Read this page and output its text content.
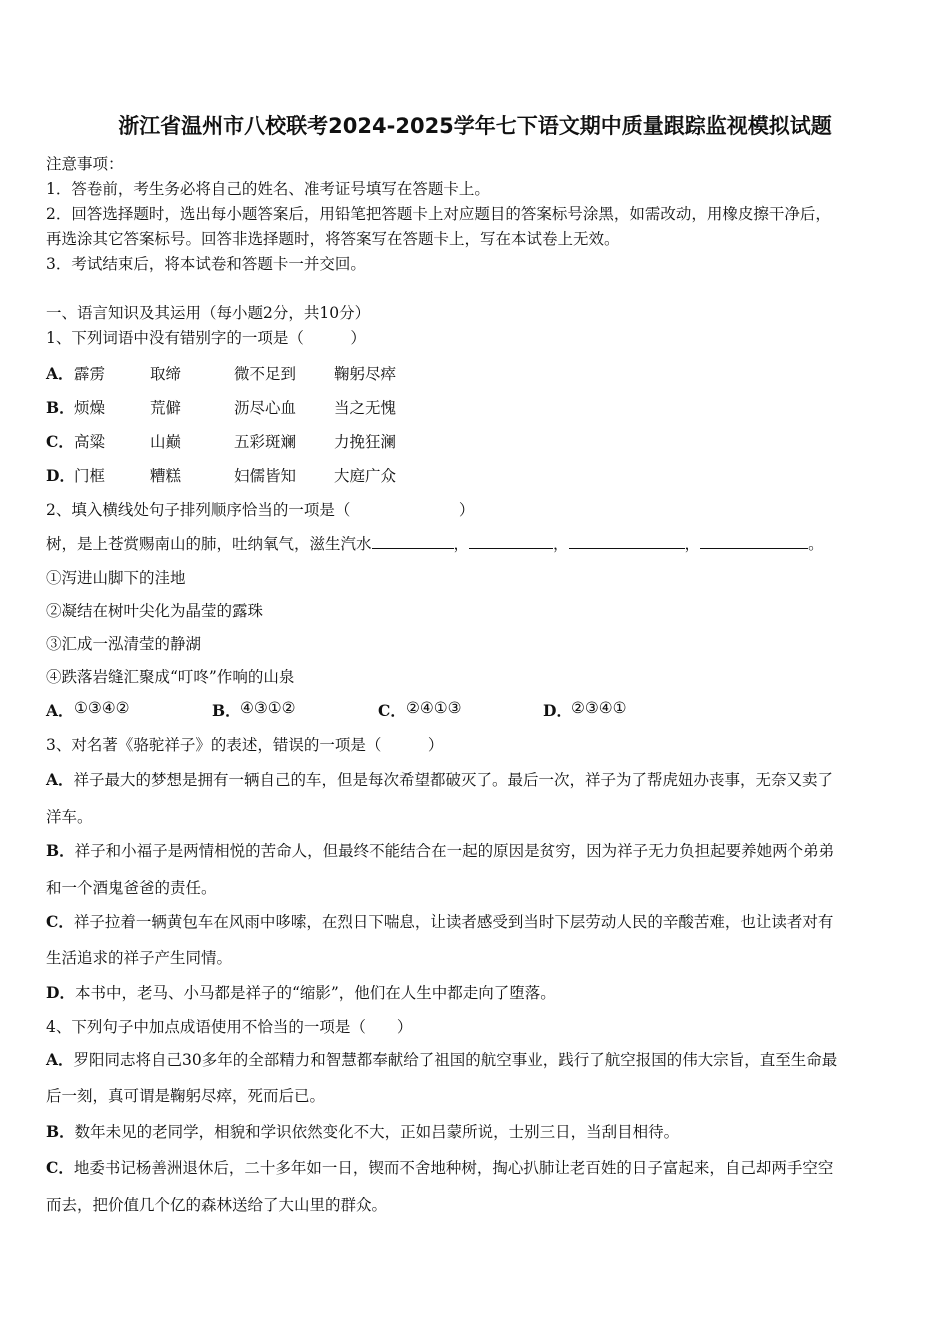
浙江省温州市八校联考2024-2025学年七下语文期中质量跟踪监视模拟试题
注意事项：
1．答卷前，考生务必将自己的姓名、准考证号填写在答题卡上。
2．回答选择题时，选出每小题答案后，用铅笔把答题卡上对应题目的答案标号涂黑，如需改动，用橡皮擦干净后，
再选涂其它答案标号。回答非选择题时，将答案写在答题卡上，写在本试卷上无效。
3．考试结束后，将本试卷和答题卡一并交回。
一、语言知识及其运用（每小题2分，共10分）
1、下列词语中没有错别字的一项是（　　　）
A． 霹雳	取缔	微不足到 鞠躬尽瘁
B． 烦燥	荒僻	沥尽心血 当之无愧
C． 高粱	山巅	五彩斑斓 力挽狂澜
D． 门框	糟糕	妇儒皆知 大庭广众
2、填入横线处句子排列顺序恰当的一项是（　　　　　　　）
树，是上苍赏赐南山的肺，吐纳氧气，滋生汽水	，	，	，	。
①泻进山脚下的洼地
②凝结在树叶尖化为晶莹的露珠
③汇成一泓清莹的静湖
④跌落岩缝汇聚成“叮咚”作响的山泉
A． ①③④②	B． ④③①②	C． ②④①③	D． ②③④①
3、对名著《骆驼祥子》的表述，错误的一项是（　　　）
A．祥子最大的梦想是拥有一辆自己的车，但是每次希望都破灭了。最后一次，祥子为了帮虎妞办丧事，无奈又卖了
洋车。
B．祥子和小福子是两情相悦的苦命人，但最终不能结合在一起的原因是贫穷，因为祥子无力负担起要养她两个弟弟
和一个酒鬼爸爸的责任。
C．祥子拉着一辆黄包车在风雨中哆嗦，在烈日下喘息，让读者感受到当时下层劳动人民的辛酸苦难，也让读者对有
生活追求的祥子产生同情。
D．本书中，老马、小马都是祥子的“缩影”，他们在人生中都走向了堕落。
4、下列句子中加点成语使用不恰当的一项是（　　）
A．罗阳同志将自己30多年的全部精力和智慧都奉献给了祖国的航空事业，践行了航空报国的伟大宗旨，直至生命最
后一刻，真可谓是鞠躬尽瘁，死而后已。
B．数年未见的老同学，相貌和学识依然变化不大，正如吕蒙所说，士别三日，当刮目相待。
C．地委书记杨善洲退休后，二十多年如一日，锲而不舍地种树，掏心扒肺让老百姓的日子富起来，自己却两手空空
而去，把价值几个亿的森林送给了大山里的群众。
